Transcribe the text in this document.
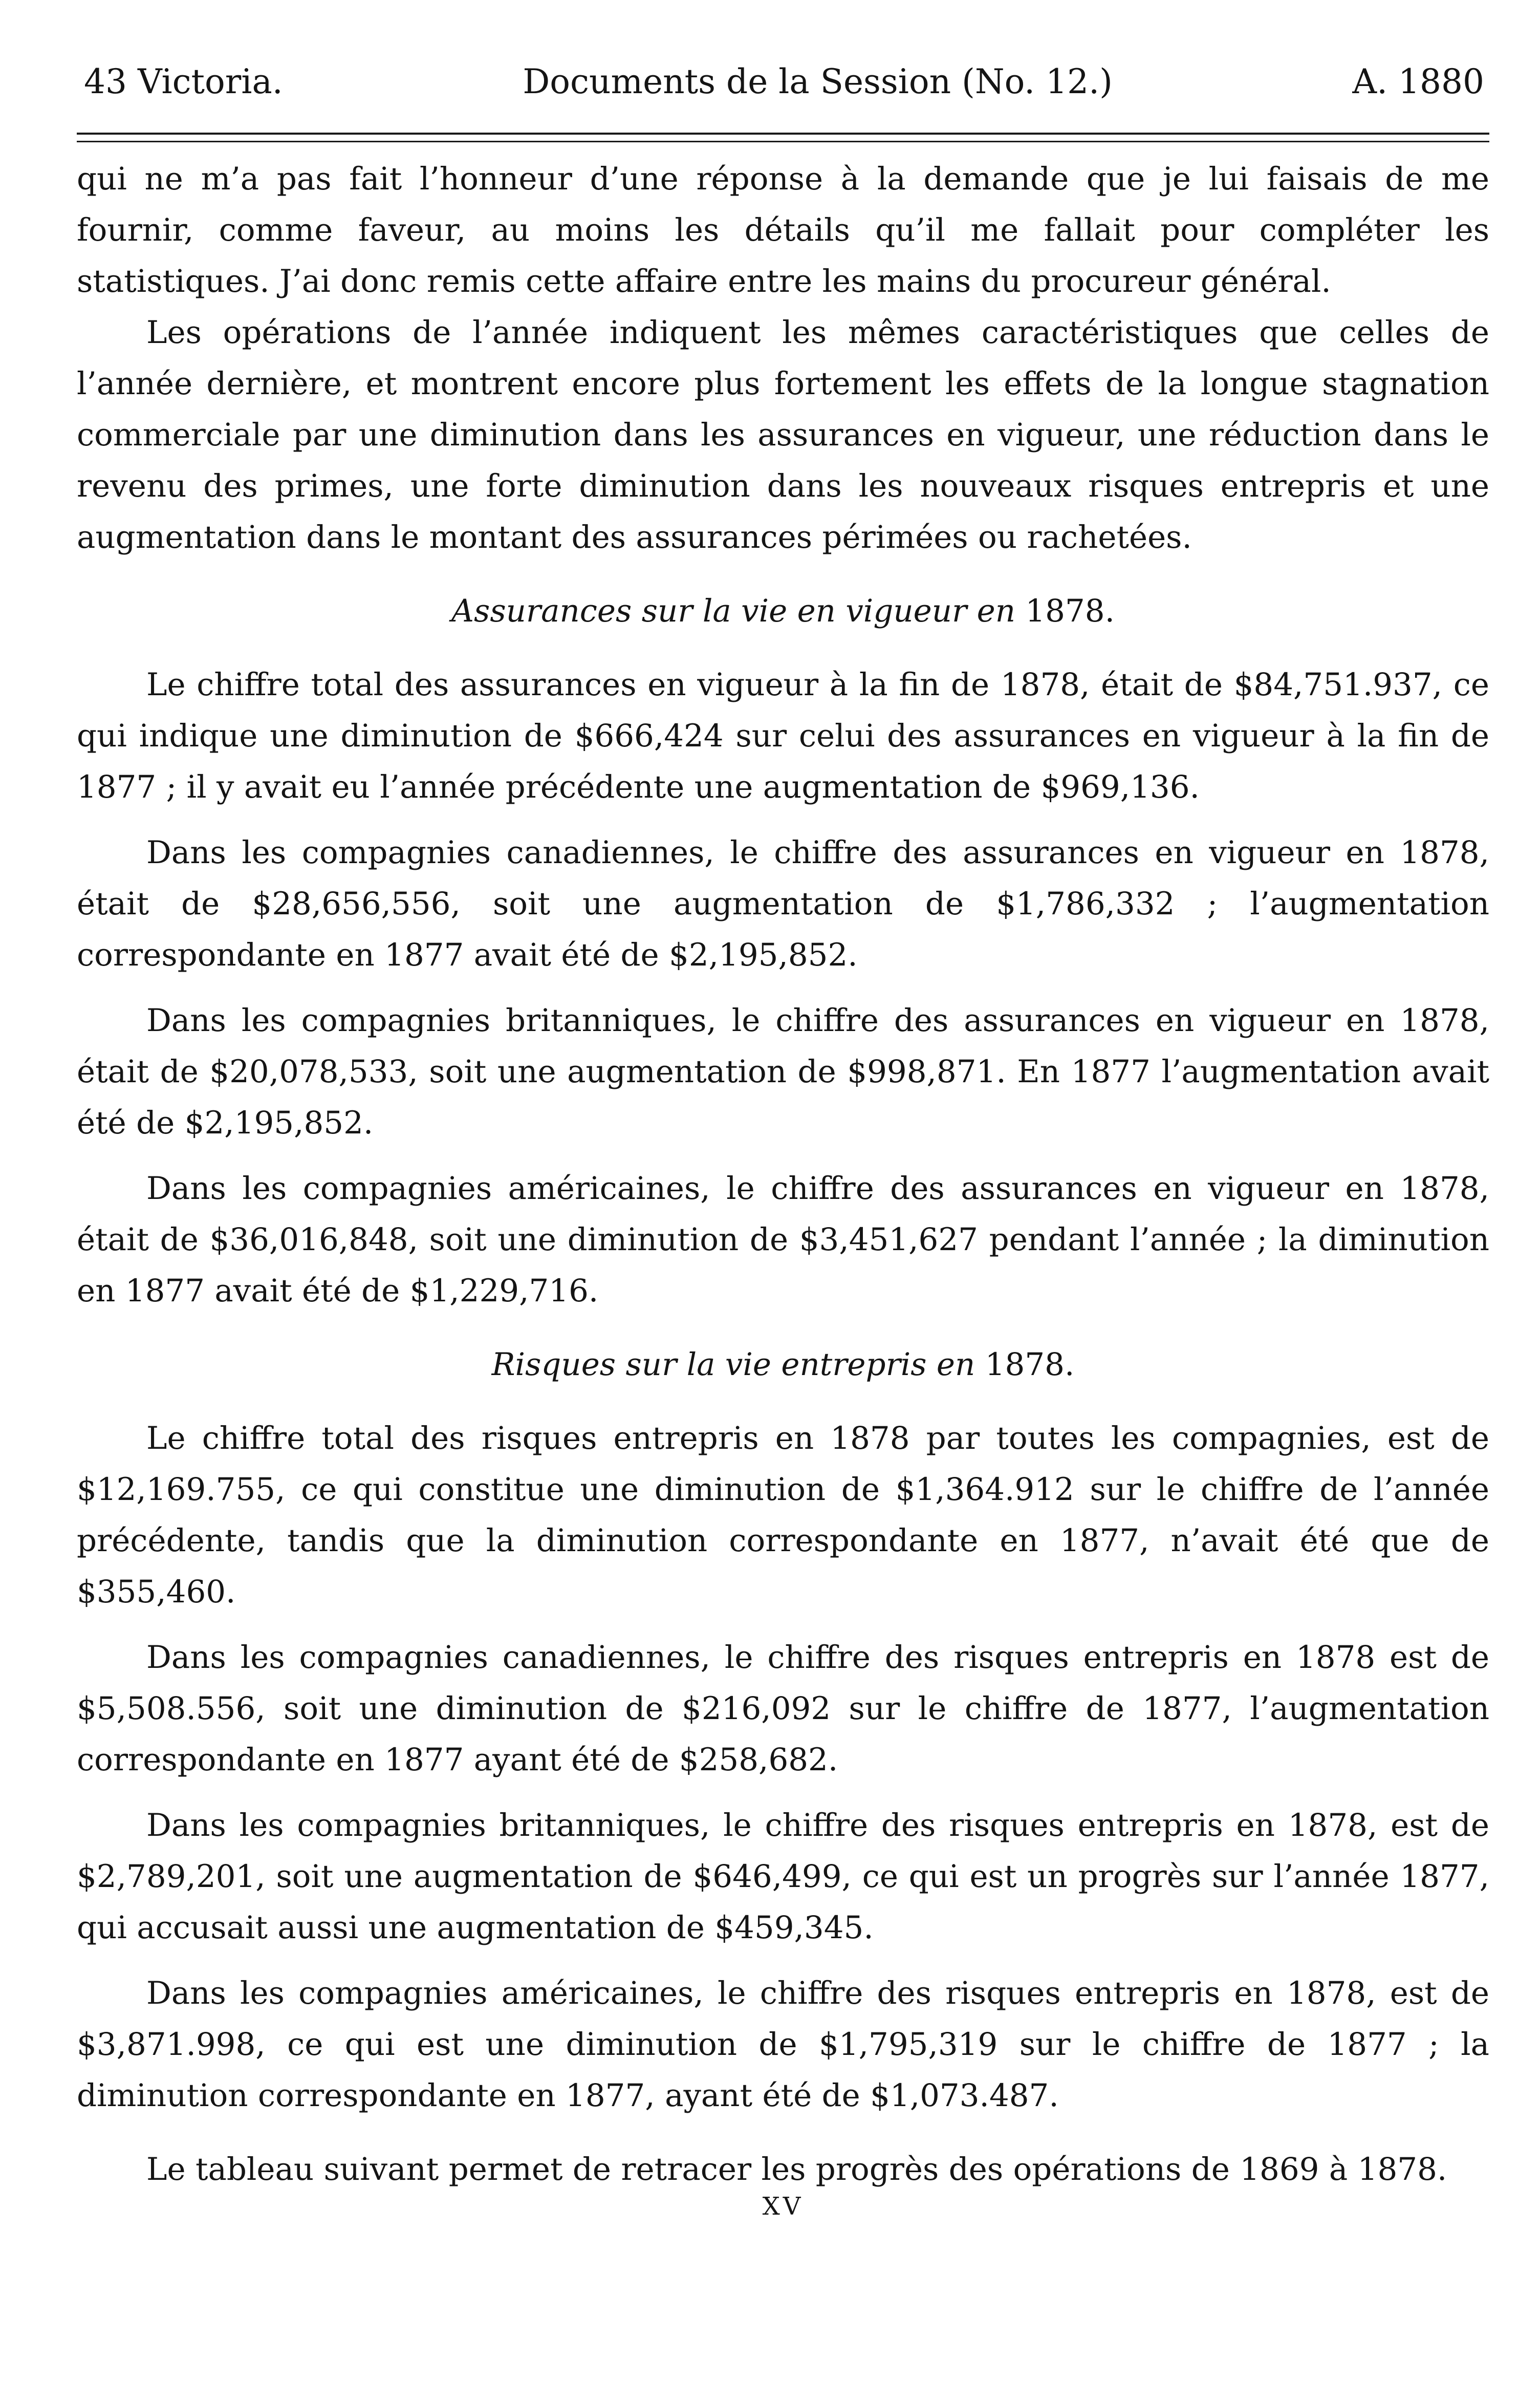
43 Victoria.	Documents de la Session (No. 12.)	A. 1880

qui ne m’a pas fait l’honneur d’une réponse à la demande que je lui faisais de me fournir, comme faveur, au moins les détails qu’il me fallait pour compléter les statistiques. J’ai donc remis cette affaire entre les mains du procureur général.

Les opérations de l’année indiquent les mêmes caractéristiques que celles de l’année dernière, et montrent encore plus fortement les effets de la longue stagnation commerciale par une diminution dans les assurances en vigueur, une réduction dans le revenu des primes, une forte diminution dans les nouveaux risques entrepris et une augmentation dans le montant des assurances périmées ou rachetées.

Assurances sur la vie en vigueur en 1878.

Le chiffre total des assurances en vigueur à la fin de 1878, était de $84,751.937, ce qui indique une diminution de $666,424 sur celui des assurances en vigueur à la fin de 1877 ; il y avait eu l’année précédente une augmentation de $969,136.

Dans les compagnies canadiennes, le chiffre des assurances en vigueur en 1878, était de $28,656,556, soit une augmentation de $1,786,332 ; l’augmentation correspondante en 1877 avait été de $2,195,852.

Dans les compagnies britanniques, le chiffre des assurances en vigueur en 1878, était de $20,078,533, soit une augmentation de $998,871. En 1877 l’augmentation avait été de $2,195,852.

Dans les compagnies américaines, le chiffre des assurances en vigueur en 1878, était de $36,016,848, soit une diminution de $3,451,627 pendant l’année ; la diminution en 1877 avait été de $1,229,716.

Risques sur la vie entrepris en 1878.

Le chiffre total des risques entrepris en 1878 par toutes les compagnies, est de $12,169.755, ce qui constitue une diminution de $1,364.912 sur le chiffre de l’année précédente, tandis que la diminution correspondante en 1877, n’avait été que de $355,460.

Dans les compagnies canadiennes, le chiffre des risques entrepris en 1878 est de $5,508.556, soit une diminution de $216,092 sur le chiffre de 1877, l’augmentation correspondante en 1877 ayant été de $258,682.

Dans les compagnies britanniques, le chiffre des risques entrepris en 1878, est de $2,789,201, soit une augmentation de $646,499, ce qui est un progrès sur l’année 1877, qui accusait aussi une augmentation de $459,345.

Dans les compagnies américaines, le chiffre des risques entrepris en 1878, est de $3,871.998, ce qui est une diminution de $1,795,319 sur le chiffre de 1877 ; la diminution correspondante en 1877, ayant été de $1,073.487.

Le tableau suivant permet de retracer les progrès des opérations de 1869 à 1878.

XV
